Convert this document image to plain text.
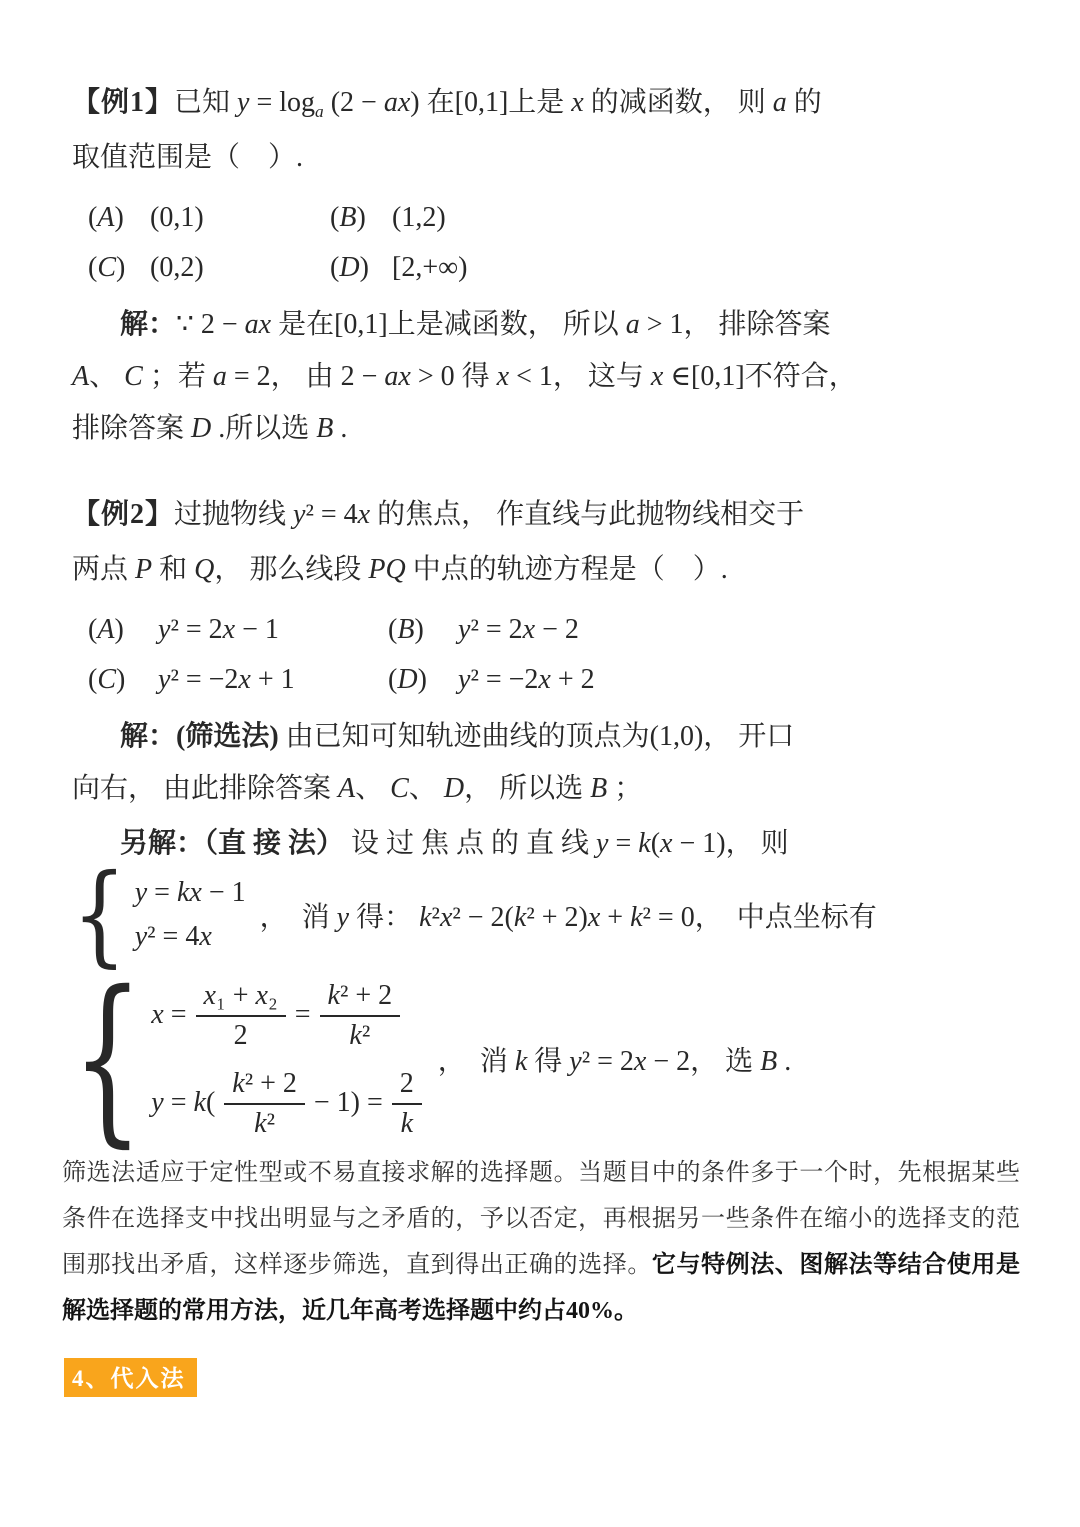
【例1】已知 $y = \log_a (2 - ax)$ 在[0,1]上是 x 的减函数， 则 a 的

取值范围是（　）.

(A) (0,1)	(B) (1,2)
(C) (0,2)	(D) [2,+∞)

解：∵ 2 − ax 是在[0,1]上是减函数， 所以 a > 1， 排除答案

A、 C ；若 a = 2， 由 2 − ax > 0 得 x < 1， 这与 x ∈[0,1]不符合，

排除答案 D .所以选 B .

【例2】过抛物线 y² = 4x 的焦点， 作直线与此抛物线相交于

两点 P 和 Q， 那么线段 PQ 中点的轨迹方程是（　）.

(A) y² = 2x − 1	(B) y² = 2x − 2
(C) y² = −2x + 1	(D) y² = −2x + 2

解：(筛选法) 由已知可知轨迹曲线的顶点为(1,0)， 开口

向右， 由此排除答案 A、 C、 D， 所以选 B ；

另解：（直 接 法） 设 过 焦 点 的 直 线 y = k(x − 1)， 则

{ y = kx − 1
y² = 4x
，　消 y 得： k²x² − 2(k² + 2)x + k² = 0，　中点坐标有
{ $x = \frac{\text{x₁ + x₂}}{2} = \frac{\text{k² + 2}}{\text{k²}}$
$y = k( \frac{\text{k² + 2}}{\text{k²}} - 1) = \frac{2}{k}$
，　消 k 得 y² = 2x − 2， 选 B .

筛选法适应于定性型或不易直接求解的选择题。当题目中的条件多于一个时，先根据某些条件在选择支中找出明显与之矛盾的，予以否定，再根据另一些条件在缩小的选择支的范围那找出矛盾，这样逐步筛选，直到得出正确的选择。它与特例法、图解法等结合使用是解选择题的常用方法，近几年高考选择题中约占40%。

4、代入法
